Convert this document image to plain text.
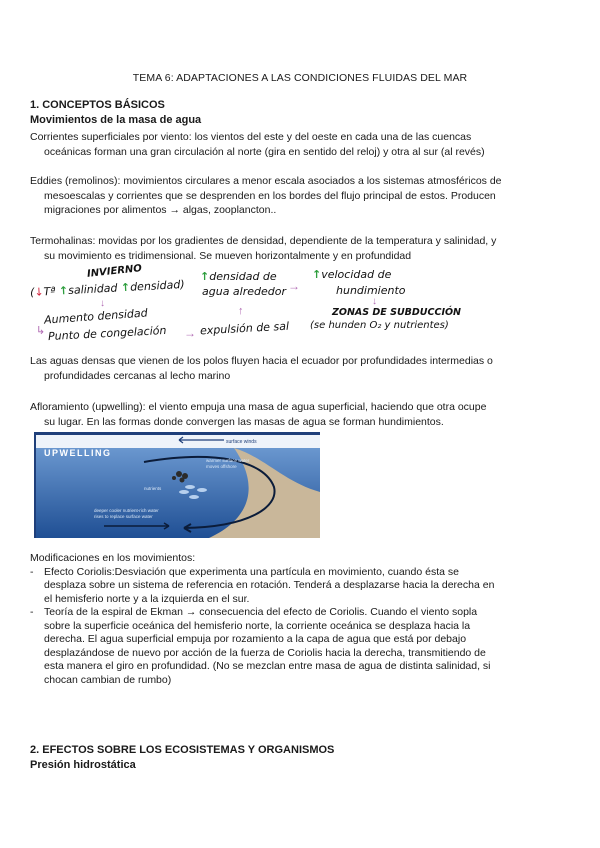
TEMA 6: ADAPTACIONES A LAS CONDICIONES FLUIDAS DEL MAR
1. CONCEPTOS BÁSICOS
Movimientos de la masa de agua
Corrientes superficiales por viento: los vientos del este y del oeste en cada una de las cuencas
oceánicas forman una gran circulación al norte (gira en sentido del reloj) y otra al sur (al revés)
Eddies (remolinos): movimientos circulares a menor escala asociados a los sistemas atmosféricos de
mesoescalas y corrientes que se desprenden en los bordes del flujo principal de estos. Producen
migraciones por alimentos → algas, zooplancton..
Termohalinas: movidas por los gradientes de densidad, dependiente de la temperatura y salinidad, y
su movimiento es tridimensional. Se mueven horizontalmente y en profundidad
INVIERNO
(↓Tª ↑salinidad ↑densidad)
↓
Aumento densidad
↳ Punto de congelación → expulsión de sal
↑
↑densidad de
agua alrededor →
↑velocidad de
hundimiento
↓
ZONAS DE SUBDUCCIÓN
(se hunden O₂ y nutrientes)
Las aguas densas que vienen de los polos fluyen hacia el ecuador por profundidades intermedias o
profundidades cercanas al lecho marino
Afloramiento (upwelling): el viento empuja una masa de agua superficial, haciendo que otra ocupe
su lugar. En las formas donde convergen las masas de agua se forman hundimientos.
UPWELLING
surface winds
warmer surface water
moves offshore
nutrients
deeper cooler nutrient-rich water
rises to replace surface water
Modificaciones en los movimientos:
-	Efecto Coriolis:Desviación que experimenta una partícula en movimiento, cuando ésta se
desplaza sobre un sistema de referencia en rotación. Tenderá a desplazarse hacia la derecha en
el hemisferio norte y a la izquierda en el sur.
-	Teoría de la espiral de Ekman → consecuencia del efecto de Coriolis. Cuando el viento sopla
sobre la superficie oceánica del hemisferio norte, la corriente oceánica se desplaza hacia la
derecha. El agua superficial empuja por rozamiento a la capa de agua que está por debajo
desplazándose de nuevo por acción de la fuerza de Coriolis hacia la derecha, transmitiendo de
esta manera el giro en profundidad. (No se mezclan entre masa de agua de distinta salinidad, si
chocan cambian de rumbo)
2. EFECTOS SOBRE LOS ECOSISTEMAS Y ORGANISMOS
Presión hidrostática
